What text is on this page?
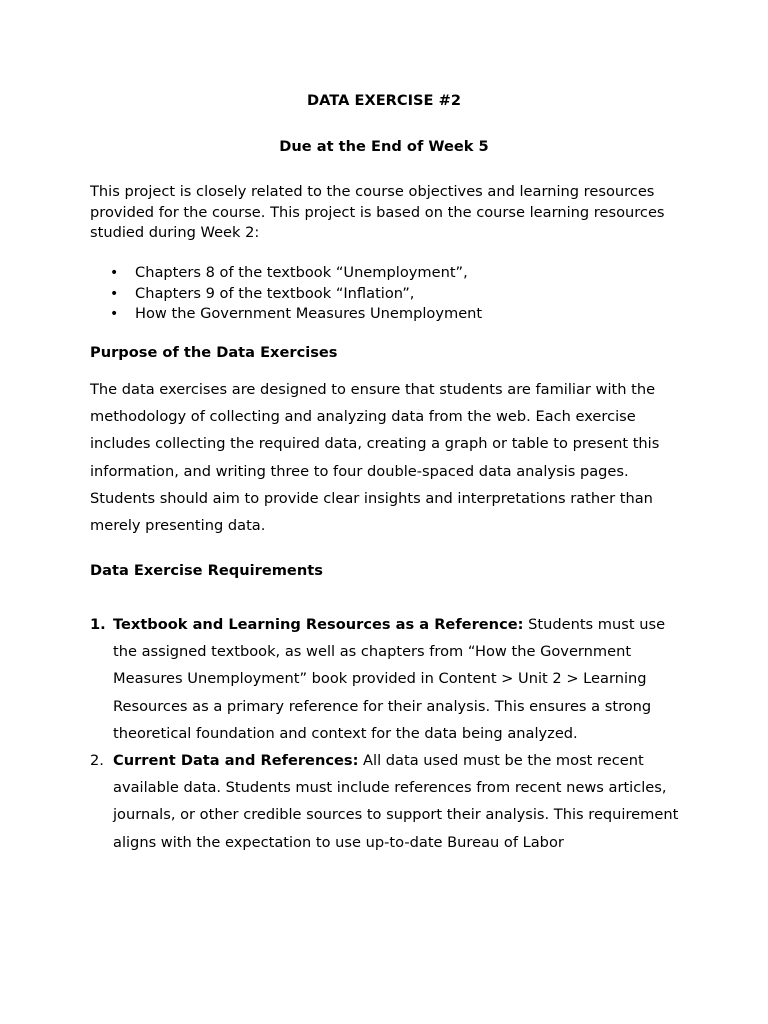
DATA EXERCISE #2
Due at the End of Week 5

This project is closely related to the course objectives and learning resources provided for the course. This project is based on the course learning resources studied during Week 2:

• Chapters 8 of the textbook “Unemployment”,
• Chapters 9 of the textbook “Inflation”,
• How the Government Measures Unemployment
Purpose of the Data Exercises

The data exercises are designed to ensure that students are familiar with the methodology of collecting and analyzing data from the web. Each exercise includes collecting the required data, creating a graph or table to present this information, and writing three to four double-spaced data analysis pages. Students should aim to provide clear insights and interpretations rather than merely presenting data.

Data Exercise Requirements
1. Textbook and Learning Resources as a Reference: Students must use the assigned textbook, as well as chapters from “How the Government Measures Unemployment” book provided in Content > Unit 2 > Learning Resources as a primary reference for their analysis. This ensures a strong theoretical foundation and context for the data being analyzed.
2. Current Data and References: All data used must be the most recent available data. Students must include references from recent news articles, journals, or other credible sources to support their analysis. This requirement aligns with the expectation to use up-to-date Bureau of Labor
